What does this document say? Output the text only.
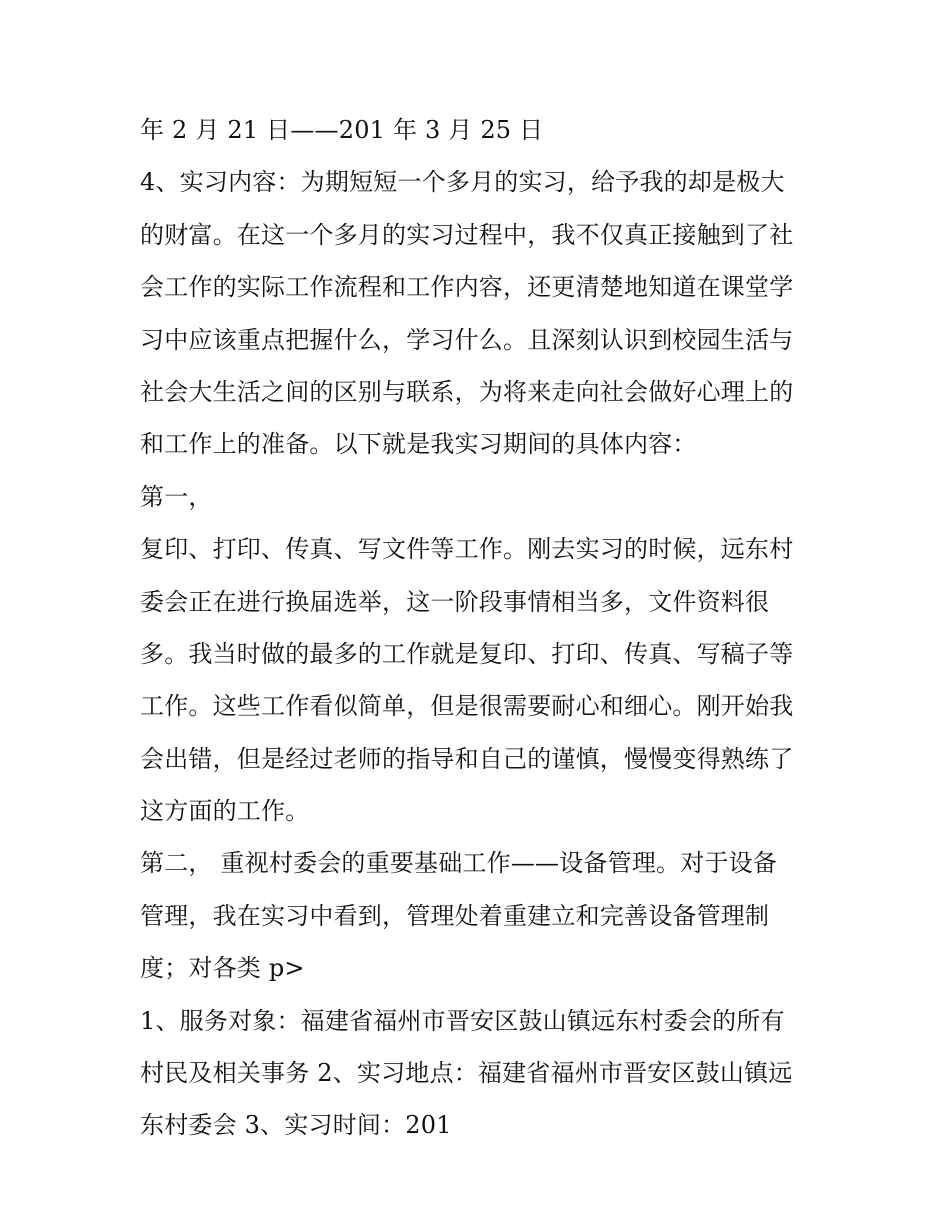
年 2 月 21 日——201 年 3 月 25 日
4、实习内容：为期短短一个多月的实习，给予我的却是极大
的财富。在这一个多月的实习过程中，我不仅真正接触到了社
会工作的实际工作流程和工作内容，还更清楚地知道在课堂学
习中应该重点把握什么，学习什么。且深刻认识到校园生活与
社会大生活之间的区别与联系，为将来走向社会做好心理上的
和工作上的准备。以下就是我实习期间的具体内容：
第一，
复印、打印、传真、写文件等工作。刚去实习的时候，远东村
委会正在进行换届选举，这一阶段事情相当多，文件资料很
多。我当时做的最多的工作就是复印、打印、传真、写稿子等
工作。这些工作看似简单，但是很需要耐心和细心。刚开始我
会出错，但是经过老师的指导和自己的谨慎，慢慢变得熟练了
这方面的工作。
第二， 重视村委会的重要基础工作——设备管理。对于设备
管理，我在实习中看到，管理处着重建立和完善设备管理制
度；对各类 p>
1、服务对象：福建省福州市晋安区鼓山镇远东村委会的所有
村民及相关事务 2、实习地点：福建省福州市晋安区鼓山镇远
东村委会 3、实习时间：201
